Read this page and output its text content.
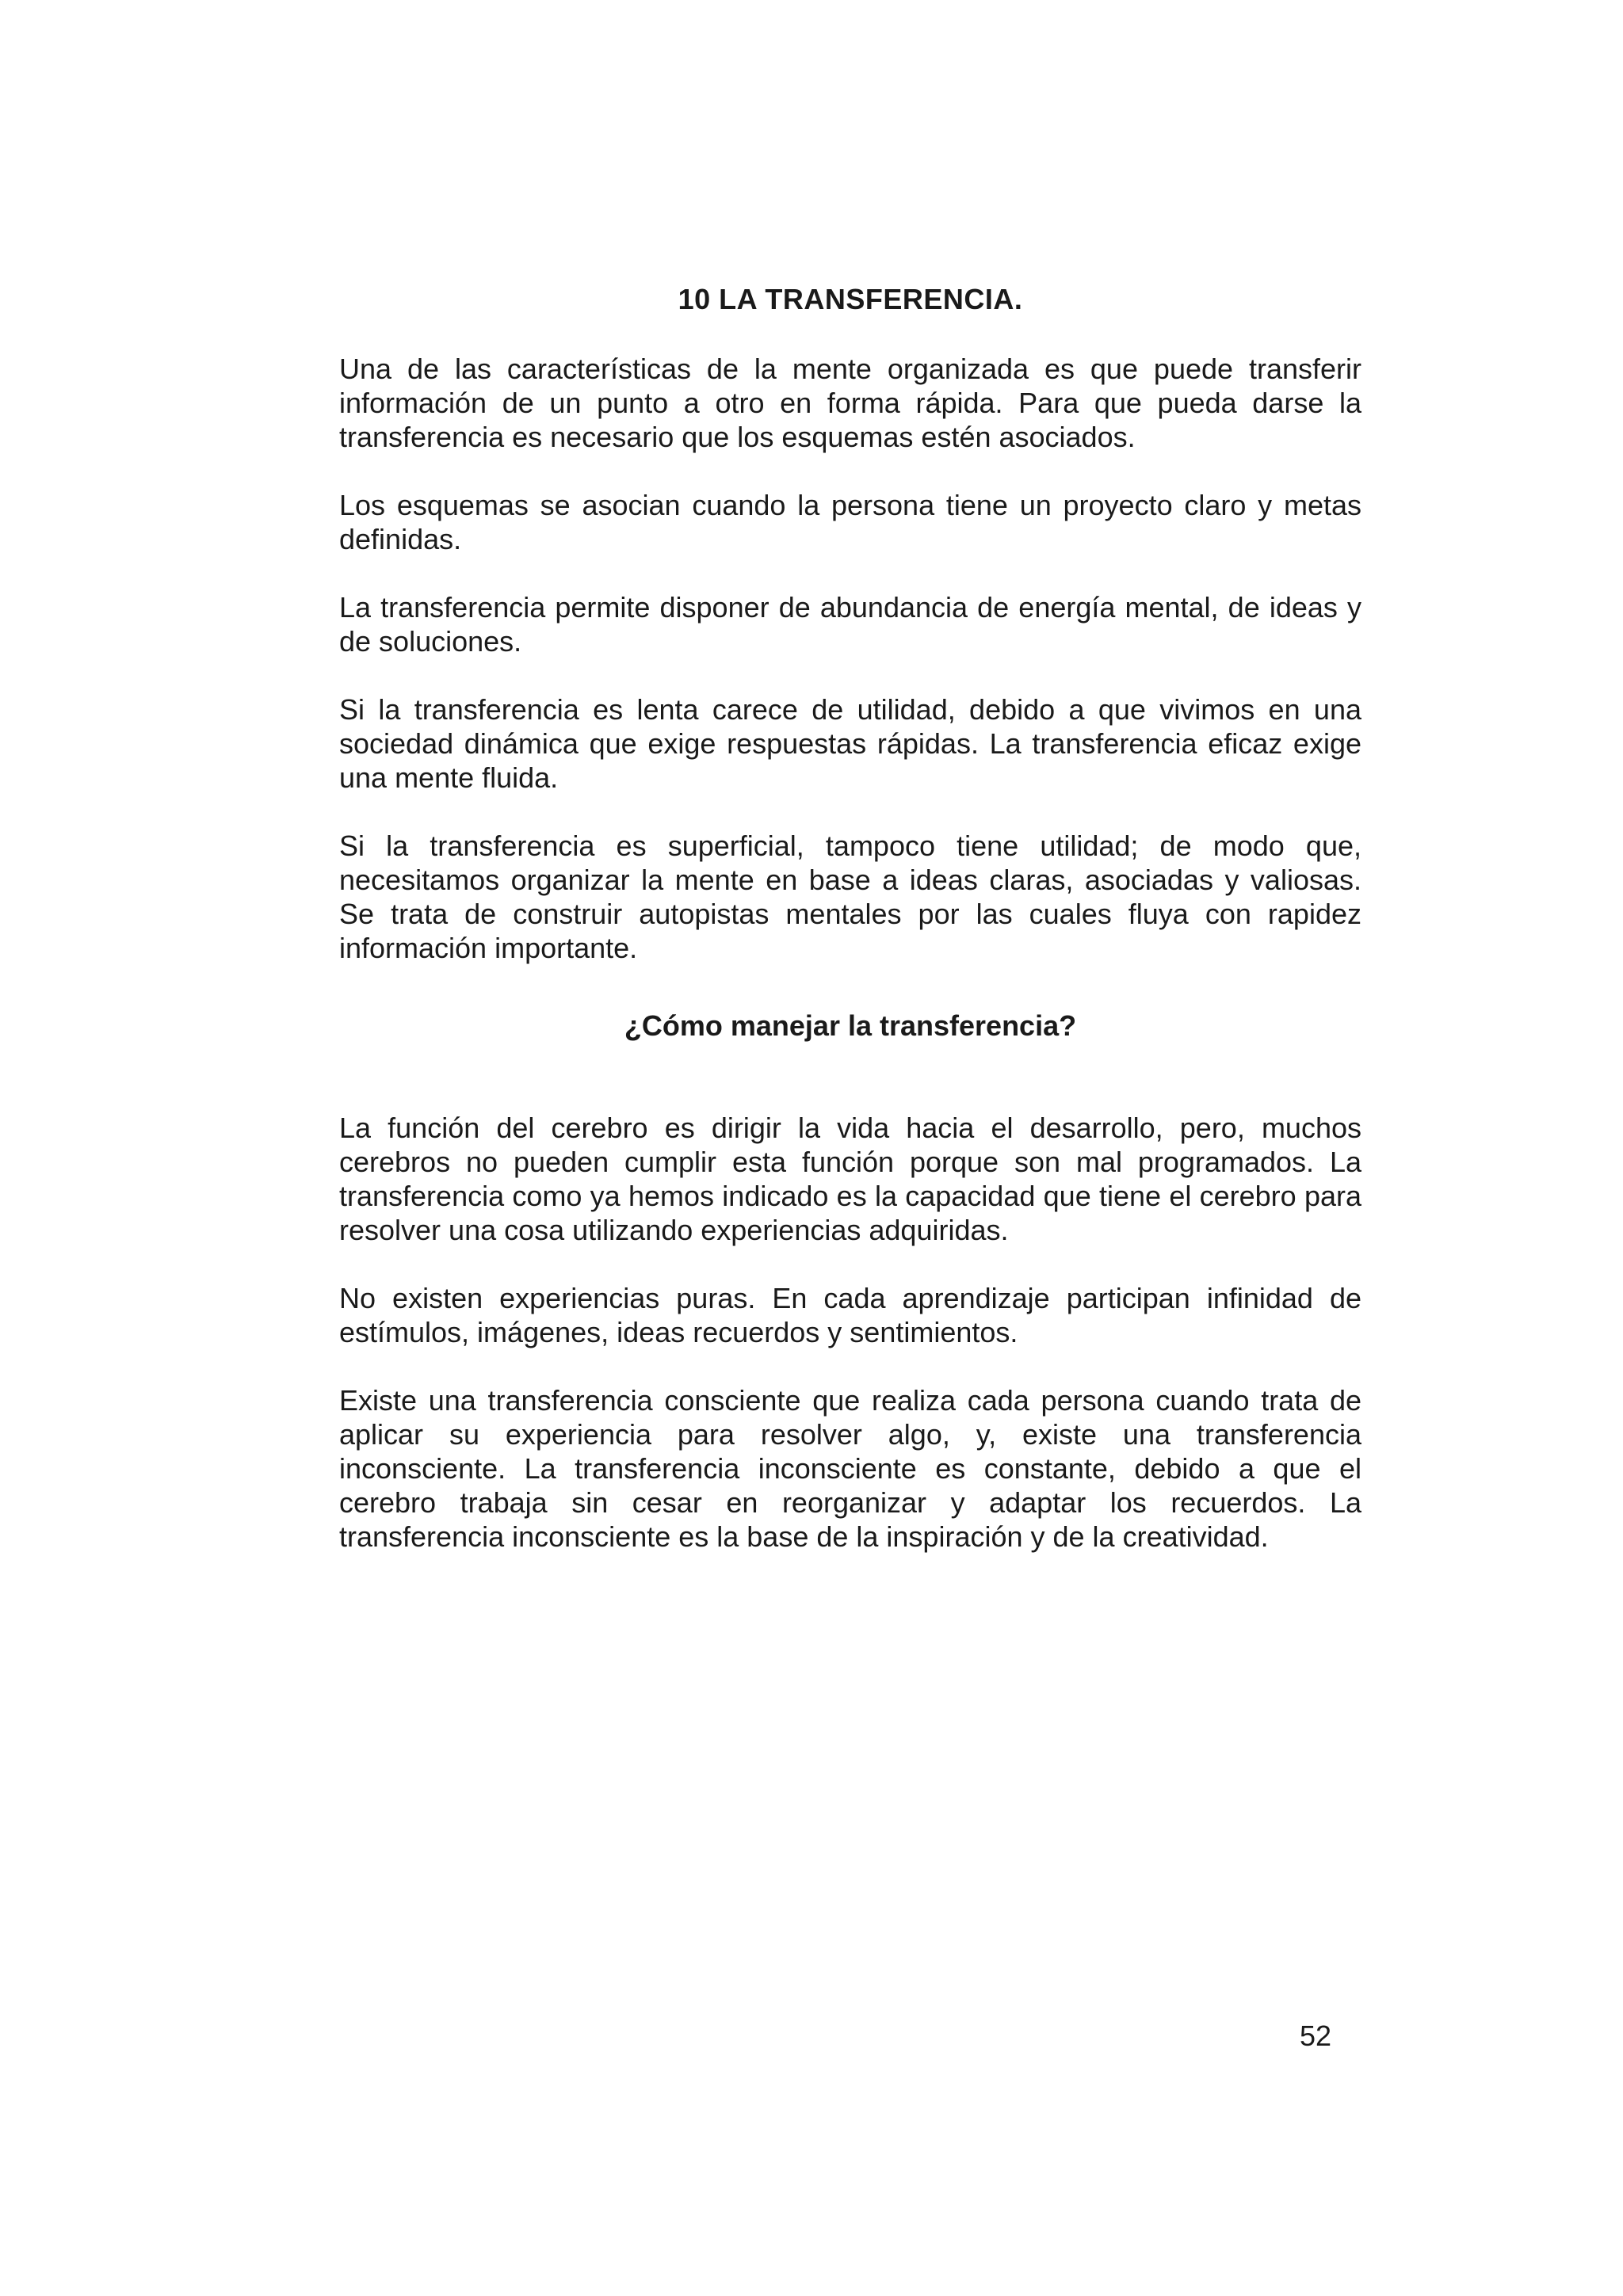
10 LA TRANSFERENCIA.

Una de las características de la mente organizada es que puede transferir información de un punto a otro en forma rápida. Para que pueda darse la transferencia es necesario que los esquemas estén asociados.

Los esquemas se asocian cuando la persona tiene un proyecto claro y metas definidas.

La transferencia permite disponer de abundancia de energía mental, de ideas y de soluciones.

Si la transferencia es lenta carece de utilidad, debido a que vivimos en una sociedad dinámica que exige respuestas rápidas. La transferencia eficaz exige una mente fluida.

Si la transferencia es superficial, tampoco tiene utilidad; de modo que, necesitamos organizar la mente en base a ideas claras, asociadas y valiosas. Se trata de construir autopistas mentales por las cuales fluya con rapidez información importante.

¿Cómo manejar la transferencia?

La función del cerebro es dirigir la vida hacia el desarrollo, pero, muchos cerebros no pueden cumplir esta función porque son mal programados. La transferencia como ya hemos indicado es la capacidad que tiene el cerebro para resolver una cosa utilizando experiencias adquiridas.

No existen experiencias puras. En cada aprendizaje participan infinidad de estímulos, imágenes, ideas recuerdos y sentimientos.

Existe una transferencia consciente que realiza cada persona cuando trata de aplicar su experiencia para resolver algo, y, existe una transferencia inconsciente. La transferencia inconsciente es constante, debido a que el cerebro trabaja sin cesar en reorganizar y adaptar los recuerdos. La transferencia inconsciente es la base de la inspiración y de la creatividad.

52
